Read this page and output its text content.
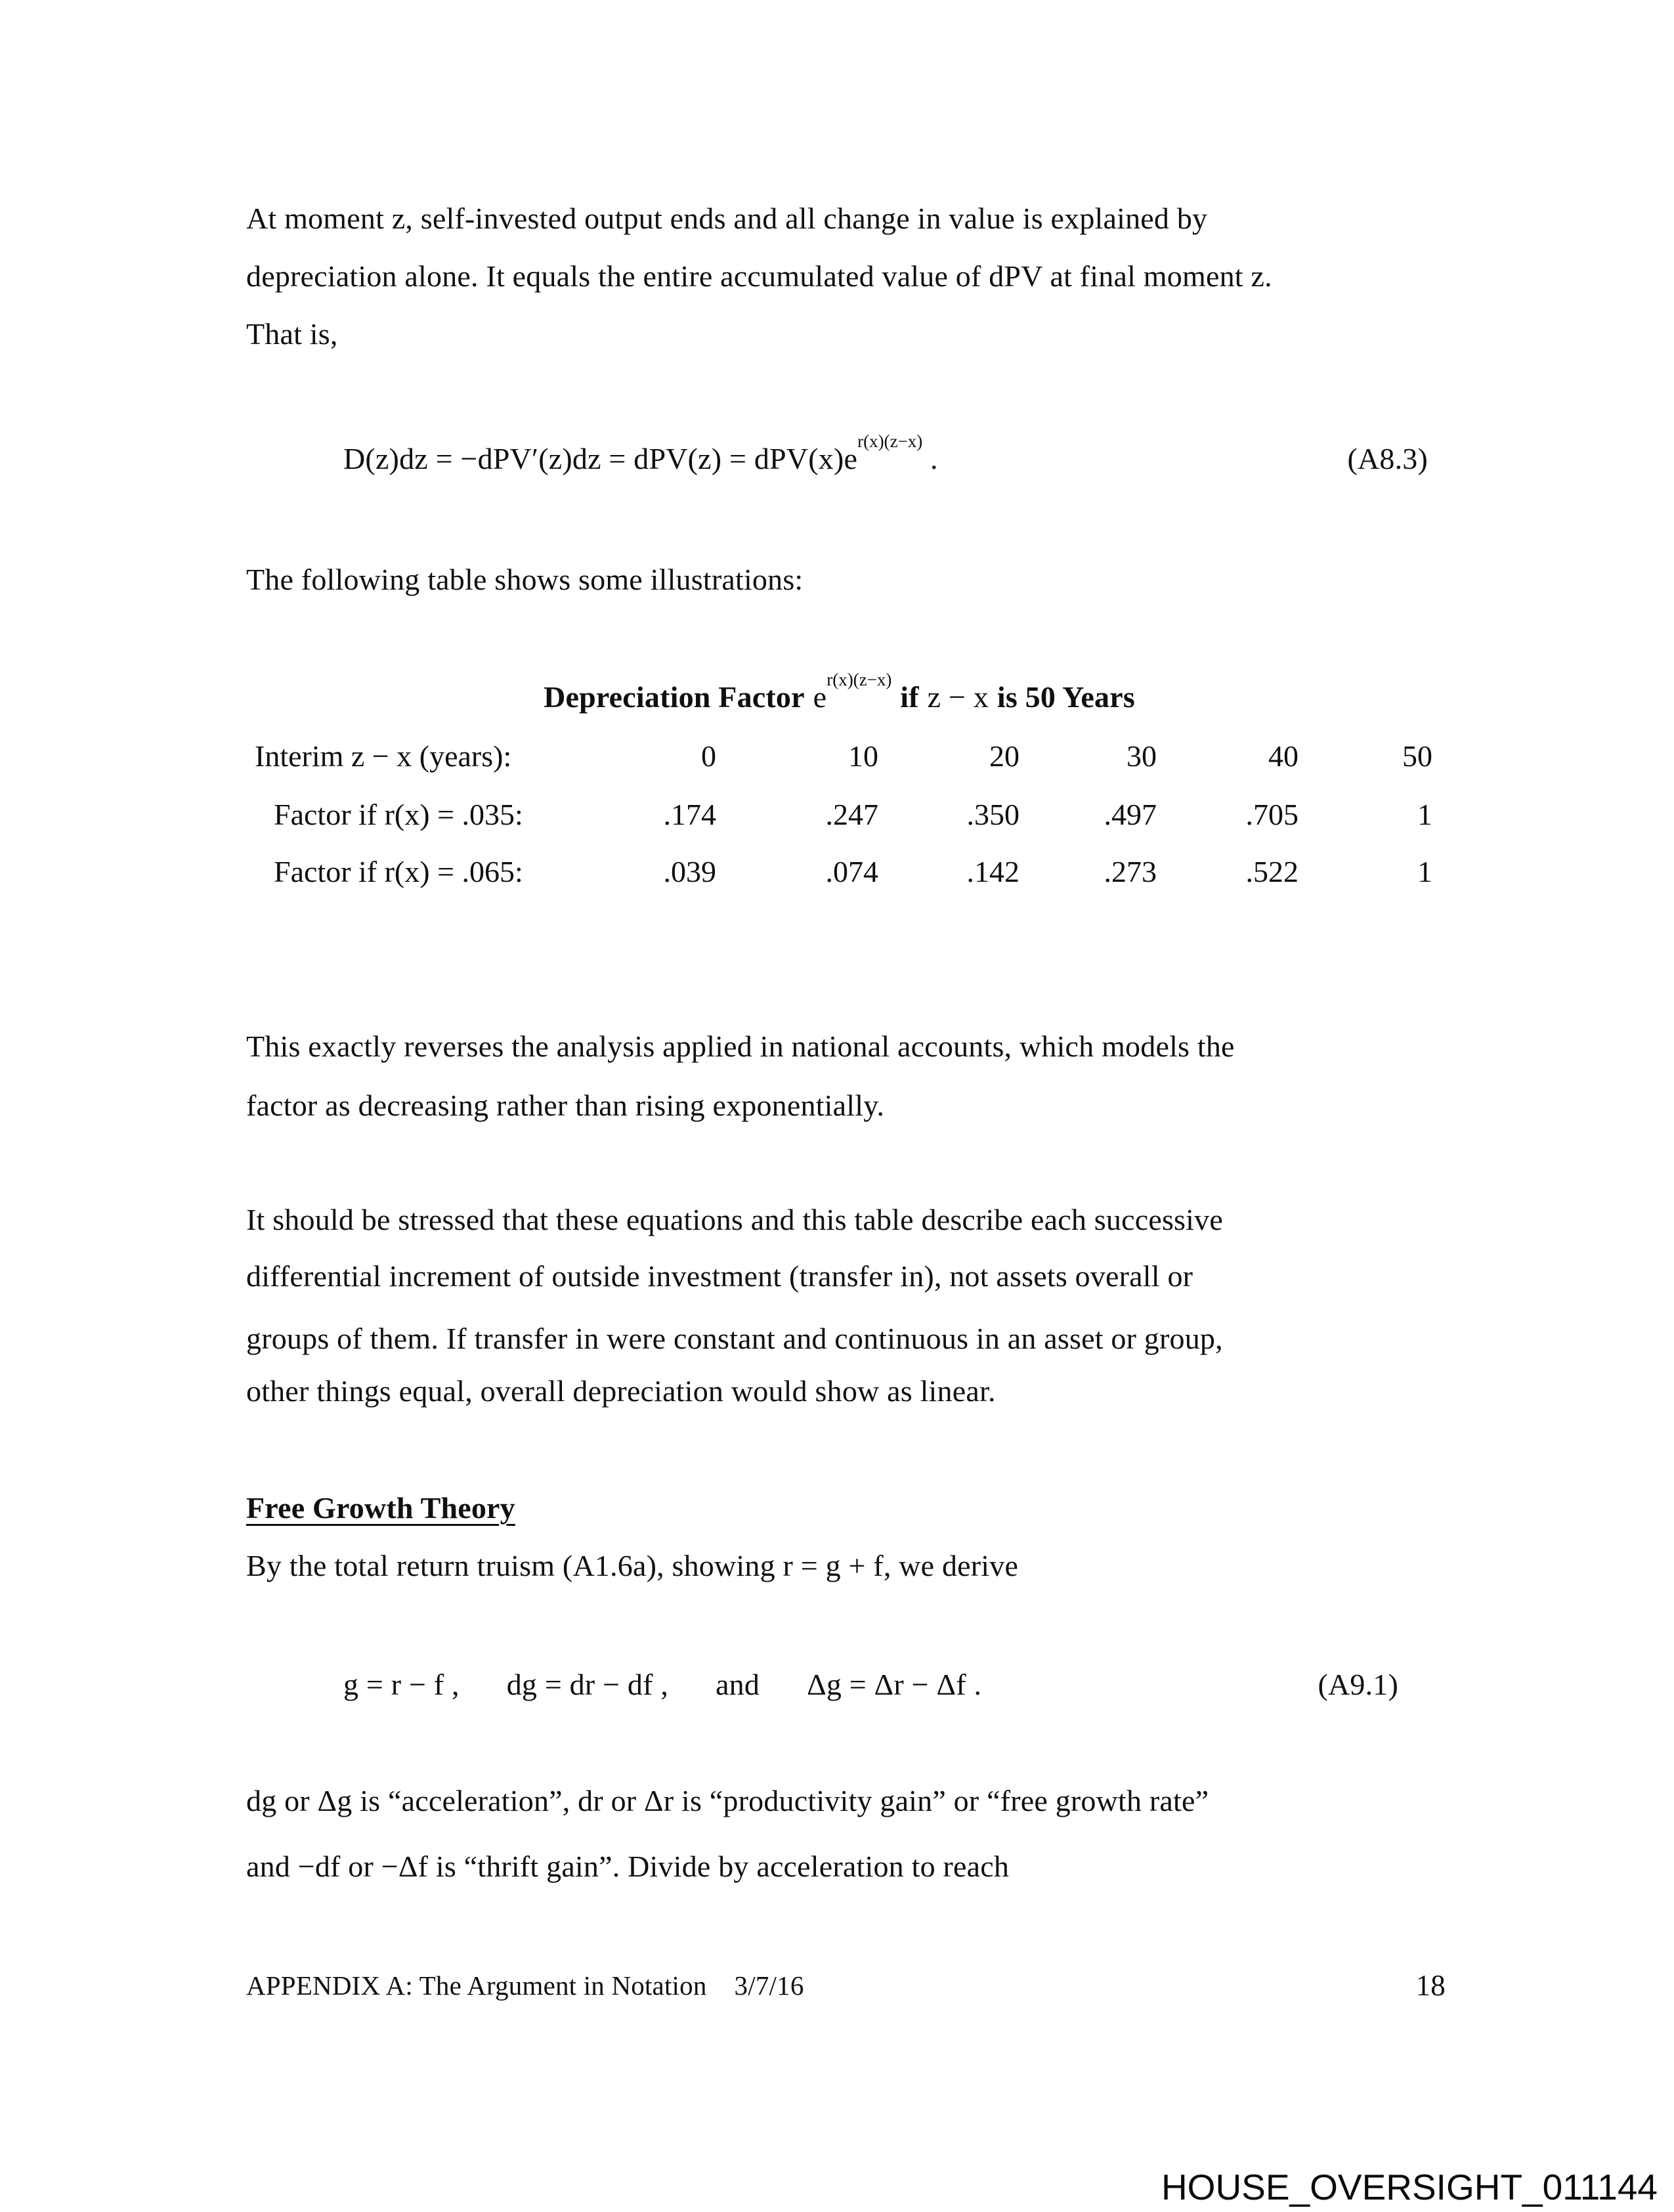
At moment z, self-invested output ends and all change in value is explained by
depreciation alone. It equals the entire accumulated value of dPV at final moment z.
That is,
$D(z)dz = -dPV'(z)dz = dPV(z) = dPV(x)e^{r(x)(z-x)}$ .	(A8.3)
The following table shows some illustrations:
Depreciation Factor $e^{r(x)(z-x)}if$ z − x is 50 Years
Interim z − x (years):	0	10	20	30	40	50
Factor if r(x) = .035:	.174	.247	.350	.497	.705	1
Factor if r(x) = .065:	.039	.074	.142	.273	.522	1
This exactly reverses the analysis applied in national accounts, which models the
factor as decreasing rather than rising exponentially.
It should be stressed that these equations and this table describe each successive
differential increment of outside investment (transfer in), not assets overall or
groups of them. If transfer in were constant and continuous in an asset or group,
other things equal, overall depreciation would show as linear.
Free Growth Theory
By the total return truism (A1.6a), showing r = g + f, we derive
g = r − f , dg = dr − df , and Δg = Δr − Δf .	(A9.1)
dg or Δg is “acceleration”, dr or Δr is “productivity gain” or “free growth rate”
and −df or −Δf is “thrift gain”. Divide by acceleration to reach
APPENDIX A: The Argument in Notation 3/7/16	18
HOUSE_OVERSIGHT_011144
